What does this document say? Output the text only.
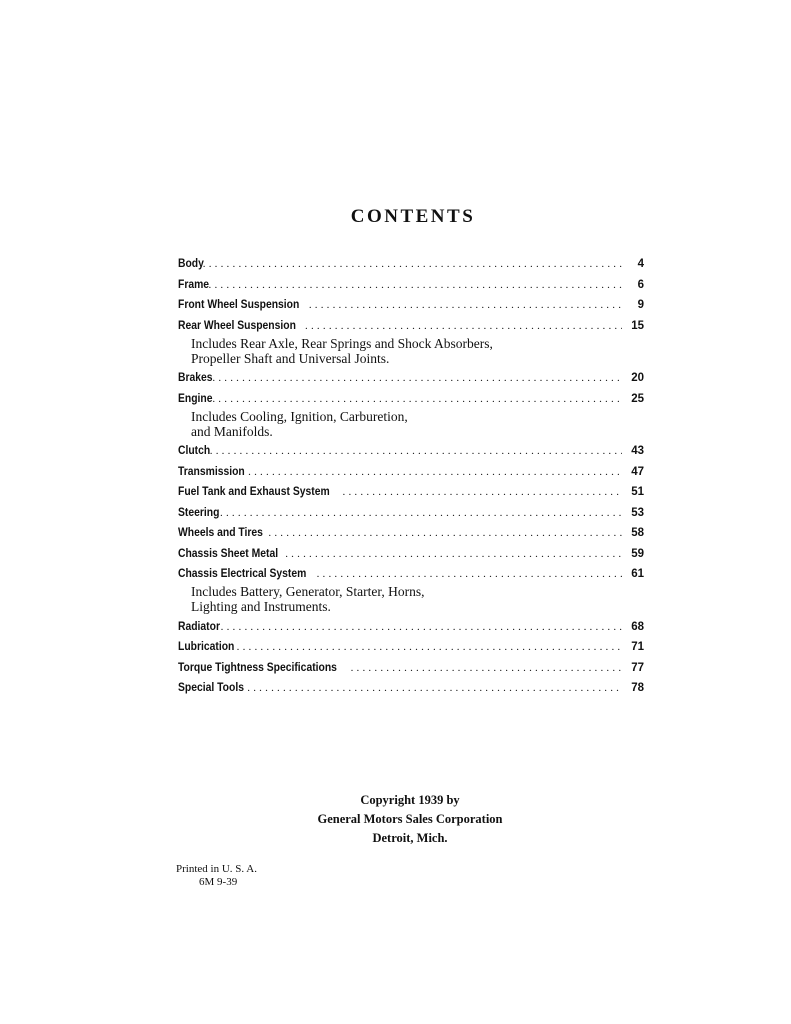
CONTENTS
Body .....	4
Frame .....	6
Front Wheel Suspension .....	9
Rear Wheel Suspension .....	15
Includes Rear Axle, Rear Springs and Shock Absorbers,
Propeller Shaft and Universal Joints.
Brakes .....	20
Engine .....	25
Includes Cooling, Ignition, Carburetion,
and Manifolds.
Clutch .....	43
Transmission .....	47
Fuel Tank and Exhaust System .....	51
Steering .....	53
Wheels and Tires .....	58
Chassis Sheet Metal .....	59
Chassis Electrical System .....	61
Includes Battery, Generator, Starter, Horns,
Lighting and Instruments.
Radiator .....	68
Lubrication .....	71
Torque Tightness Specifications .....	77
Special Tools .....	78
Copyright 1939 by
General Motors Sales Corporation
Detroit, Mich.
Printed in U. S. A.
6M 9-39
